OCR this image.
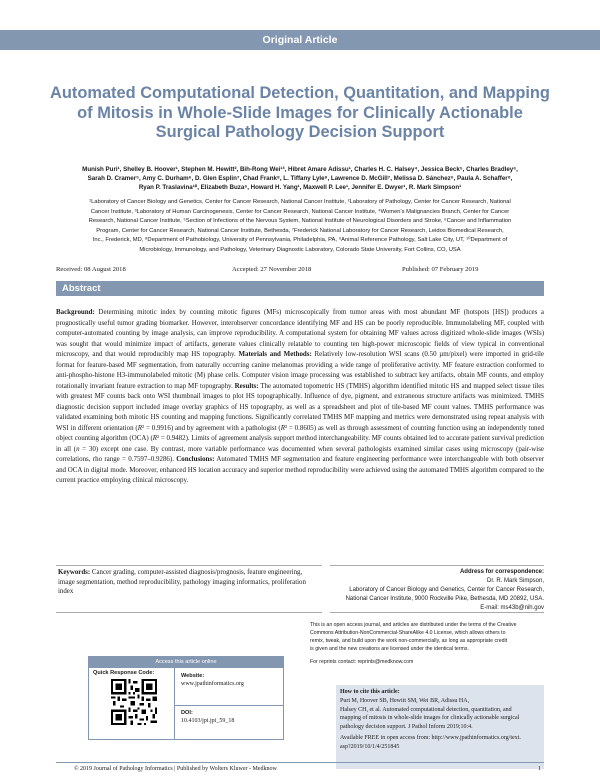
Original Article
Automated Computational Detection, Quantitation, and Mapping
of Mitosis in Whole-Slide Images for Clinically Actionable
Surgical Pathology Decision Support
Munish Puri¹, Shelley B. Hoover¹, Stephen M. Hewitt², Bih-Rong Wei¹³, Hibret Amare Adissu¹, Charles H. C. Halsey⁴, Jessica Beck⁵, Charles Bradley⁶,
Sarah D. Cramer⁵, Amy C. Durham⁶, D. Glen Esplin⁷, Chad Frank⁸, L. Tiffany Lyle⁹, Lawrence D. McGill⁷, Melissa D. Sánchez⁶, Paula A. Schaffer⁸,
Ryan P. Traslavina¹⁰, Elizabeth Buza⁶, Howard H. Yang¹, Maxwell P. Lee¹, Jennifer E. Dwyer¹, R. Mark Simpson¹
¹Laboratory of Cancer Biology and Genetics, Center for Cancer Research, National Cancer Institute, ²Laboratory of Pathology, Center for Cancer Research, National
Cancer Institute, ³Laboratory of Human Carcinogenesis, Center for Cancer Research, National Cancer Institute, ⁴Women's Malignancies Branch, Center for Cancer
Research, National Cancer Institute, ⁵Section of Infections of the Nervous System, National Institute of Neurological Disorders and Stroke, ⁶Cancer and Inflammation
Program, Center for Cancer Research, National Cancer Institute, Bethesda, ⁷Frederick National Laboratory for Cancer Research, Leidos Biomedical Research,
Inc., Frederick, MD, ⁸Department of Pathobiology, University of Pennsylvania, Philadelphia, PA, ⁹Animal Reference Pathology, Salt Lake City, UT, ¹⁰Department of
Microbiology, Immunology, and Pathology, Veterinary Diagnostic Laboratory, Colorado State University, Fort Collins, CO, USA
Received: 08 August 2018	Accepted: 27 November 2018	Published: 07 February 2019
Abstract
Background: Determining mitotic index by counting mitotic figures (MFs) microscopically from tumor areas with most abundant MF (hotspots [HS]) produces a prognostically useful tumor grading biomarker. However, interobserver concordance identifying MF and HS can be poorly reproducible. Immunolabeling MF, coupled with computer-automated counting by image analysis, can improve reproducibility. A computational system for obtaining MF values across digitized whole-slide images (WSIs) was sought that would minimize impact of artifacts, generate values clinically relatable to counting ten high-power microscopic fields of view typical in conventional microscopy, and that would reproducibly map HS topography. Materials and Methods: Relatively low-resolution WSI scans (0.50 µm/pixel) were imported in grid-tile format for feature-based MF segmentation, from naturally occurring canine melanomas providing a wide range of proliferative activity. MF feature extraction conformed to anti-phospho-histone H3-immunolabeled mitotic (M) phase cells. Computer vision image processing was established to subtract key artifacts, obtain MF counts, and employ rotationally invariant feature extraction to map MF topography. Results: The automated topometric HS (TMHS) algorithm identified mitotic HS and mapped select tissue tiles with greatest MF counts back onto WSI thumbnail images to plot HS topographically. Influence of dye, pigment, and extraneous structure artifacts was minimized. TMHS diagnostic decision support included image overlay graphics of HS topography, as well as a spreadsheet and plot of tile-based MF count values. TMHS performance was validated examining both mitotic HS counting and mapping functions. Significantly correlated TMHS MF mapping and metrics were demonstrated using repeat analysis with WSI in different orientation (R² = 0.9916) and by agreement with a pathologist (R² = 0.8605) as well as through assessment of counting function using an independently tuned object counting algorithm (OCA) (R² = 0.9482). Limits of agreement analysis support method interchangeability. MF counts obtained led to accurate patient survival prediction in all (n = 30) except one case. By contrast, more variable performance was documented when several pathologists examined similar cases using microscopy (pair-wise correlations, rho range = 0.7597–0.9286). Conclusions: Automated TMHS MF segmentation and feature engineering performance were interchangeable with both observer and OCA in digital mode. Moreover, enhanced HS location accuracy and superior method reproducibility were achieved using the automated TMHS algorithm compared to the current practice employing clinical microscopy.
Keywords: Cancer grading, computer-assisted diagnosis/prognosis, feature engineering, image segmentation, method reproducibility, pathology imaging informatics, proliferation index
Address for correspondence:
Dr. R. Mark Simpson,
Laboratory of Cancer Biology and Genetics, Center for Cancer Research,
National Cancer Institute, 9000 Rockville Pike, Bethesda, MD 20892, USA.
E-mail: ms43b@nih.gov
This is an open access journal, and articles are distributed under the terms of the Creative
Commons Attribution-NonCommercial-ShareAlike 4.0 License, which allows others to
remix, tweak, and build upon the work non-commercially, as long as appropriate credit
is given and the new creations are licensed under the identical terms.
For reprints contact: reprints@medknow.com
Access this article online
Quick Response Code:	Website:
www.jpathinformatics.org
DOI:
10.4103/jpi.jpi_59_18
How to cite this article:
Puri M, Hoover SB, Hewitt SM, Wei BR, Adissu HA,
Halsey CH, et al. Automated computational detection, quantitation, and
mapping of mitosis in whole-slide images for clinically actionable surgical
pathology decision support. J Pathol Inform 2019;10:4.
Available FREE in open access from: http://www.jpathinformatics.org/text.
asp?2019/10/1/4/251845
© 2019 Journal of Pathology Informatics | Published by Wolters Kluwer - Medknow	1
